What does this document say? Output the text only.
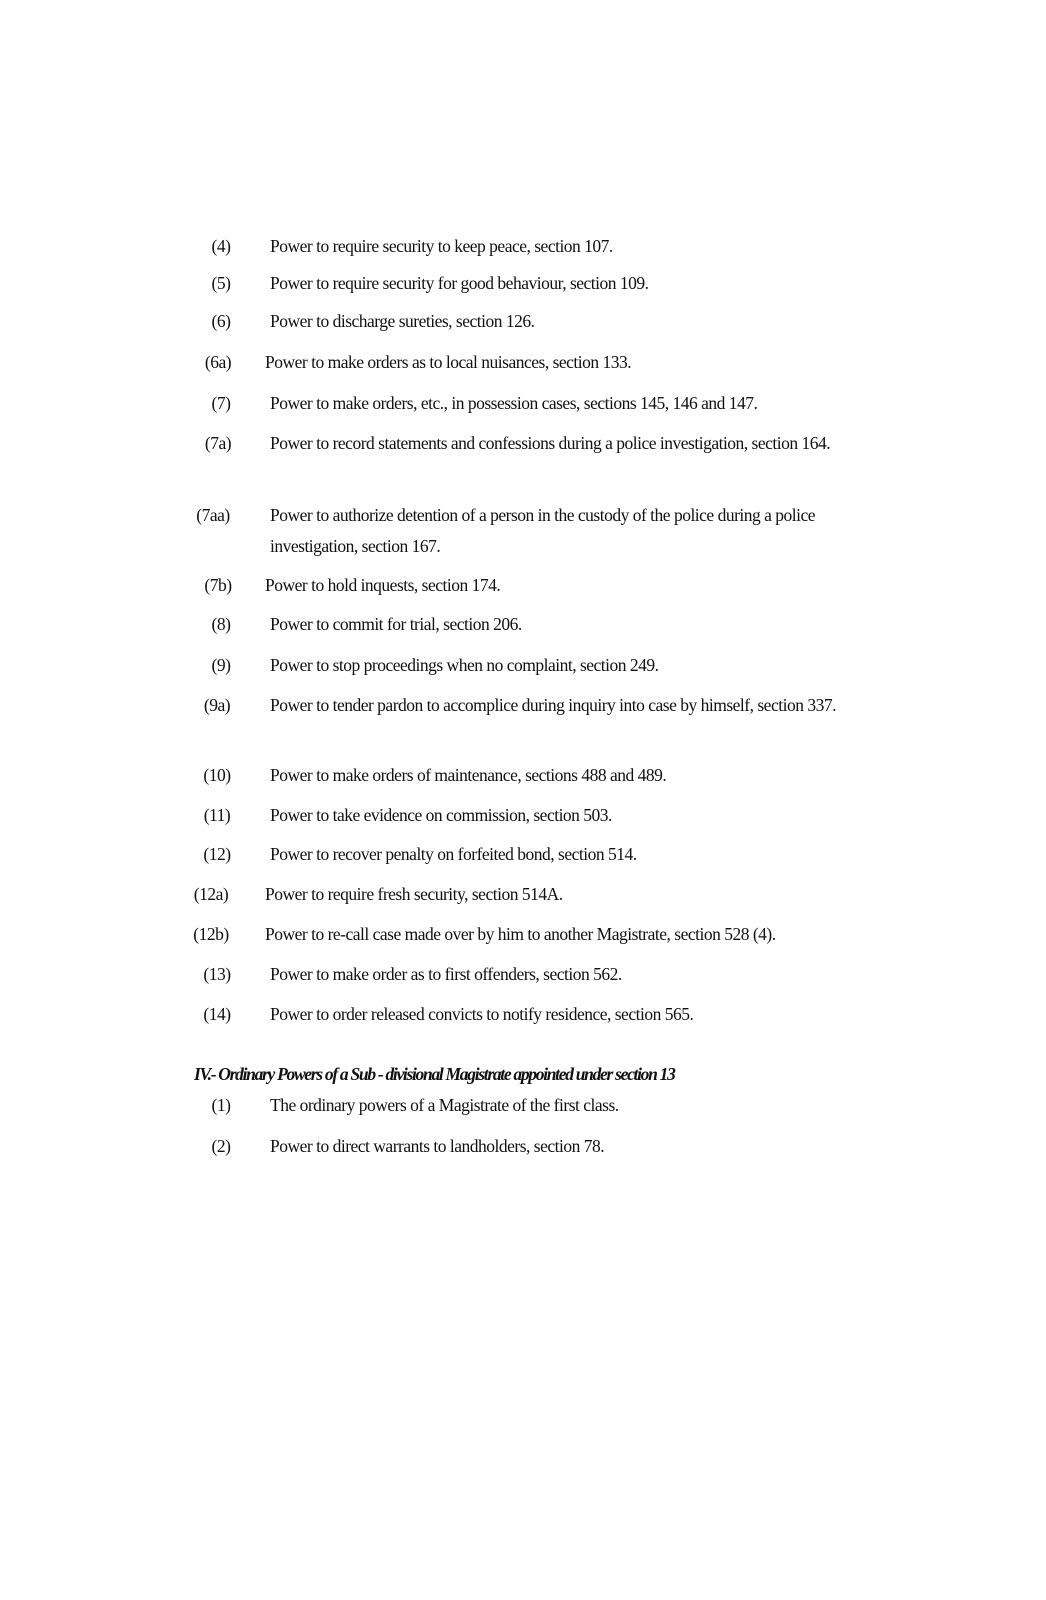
(4)	Power to require security to keep peace, section 107.
(5)	Power to require security for good behaviour, section 109.
(6)	Power to discharge sureties, section 126.
(6a)	Power to make orders as to local nuisances, section 133.
(7)	Power to make orders, etc., in possession cases, sections 145, 146 and 147.
(7a)	Power to record statements and confessions during a police investigation, section 164.
(7aa)	Power to authorize detention of a person in the custody of the police during a police investigation, section 167.
(7b)	Power to hold inquests, section 174.
(8)	Power to commit for trial, section 206.
(9)	Power to stop proceedings when no complaint, section 249.
(9a)	Power to tender pardon to accomplice during inquiry into case by himself, section 337.
(10)	Power to make orders of maintenance, sections 488 and 489.
(11)	Power to take evidence on commission, section 503.
(12)	Power to recover penalty on forfeited bond, section 514.
(12a)	Power to require fresh security, section 514A.
(12b)	Power to re-call case made over by him to another Magistrate, section 528 (4).
(13)	Power to make order as to first offenders, section 562.
(14)	Power to order released convicts to notify residence, section 565.
IV.- Ordinary Powers of a Sub - divisional Magistrate appointed under section 13
(1)	The ordinary powers of a Magistrate of the first class.
(2)	Power to direct warrants to landholders, section 78.
